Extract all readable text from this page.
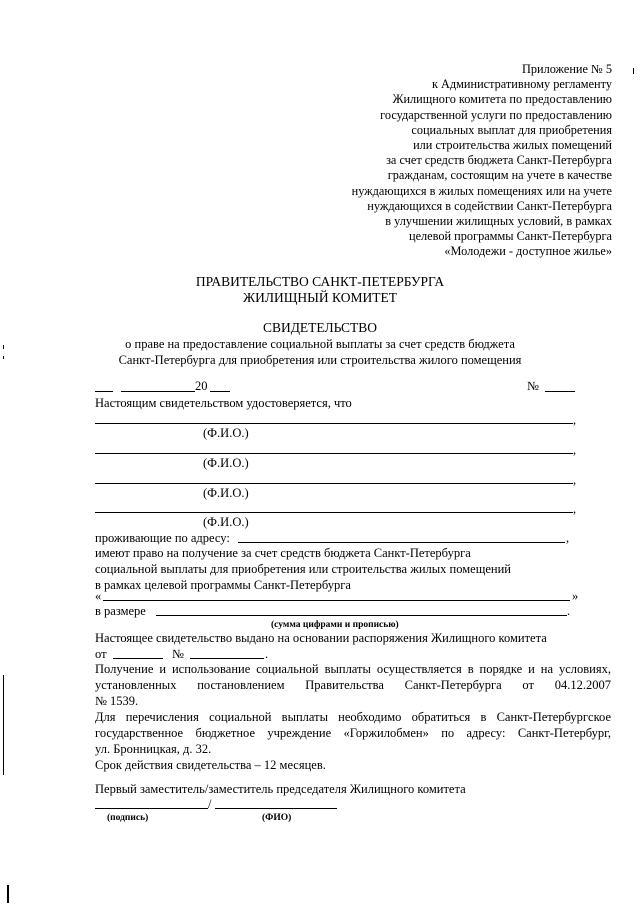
Приложение № 5
к Административному регламенту
Жилищного комитета по предоставлению
государственной услуги по предоставлению
социальных выплат для приобретения
или строительства жилых помещений
за счет средств бюджета Санкт-Петербурга
гражданам, состоящим на учете в качестве
нуждающихся в жилых помещениях или на учете
нуждающихся в содействии Санкт-Петербурга
в улучшении жилищных условий, в рамках
целевой программы Санкт-Петербурга
«Молодежи - доступное жилье»
ПРАВИТЕЛЬСТВО САНКТ-ПЕТЕРБУРГА
ЖИЛИЩНЫЙ КОМИТЕТ
СВИДЕТЕЛЬСТВО
о праве на предоставление социальной выплаты за счет средств бюджета
Санкт-Петербурга для приобретения или строительства жилого помещения
20	№
Настоящим свидетельством удостоверяется, что
,
(Ф.И.О.)
,
(Ф.И.О.)
,
(Ф.И.О.)
,
(Ф.И.О.)
проживающие по адресу:	,
имеют право на получение за счет средств бюджета Санкт-Петербурга
социальной выплаты для приобретения или строительства жилых помещений
в рамках целевой программы Санкт-Петербурга
«	»
в размере	.
(сумма цифрами и прописью)
Настоящее свидетельство выдано на основании распоряжения Жилищного комитета
от	№	.
Получение и использование социальной выплаты осуществляется в порядке и на условиях,
установленных    постановлением    Правительства    Санкт-Петербурга    от    04.12.2007
№ 1539.
Для перечисления социальной выплаты необходимо обратиться в Санкт-Петербургское
государственное бюджетное учреждение «Горжилобмен» по адресу: Санкт-Петербург,
ул. Бронницкая, д. 32.
Срок действия свидетельства – 12 месяцев.
Первый заместитель/заместитель председателя Жилищного комитета
/
(подпись)	(ФИО)
